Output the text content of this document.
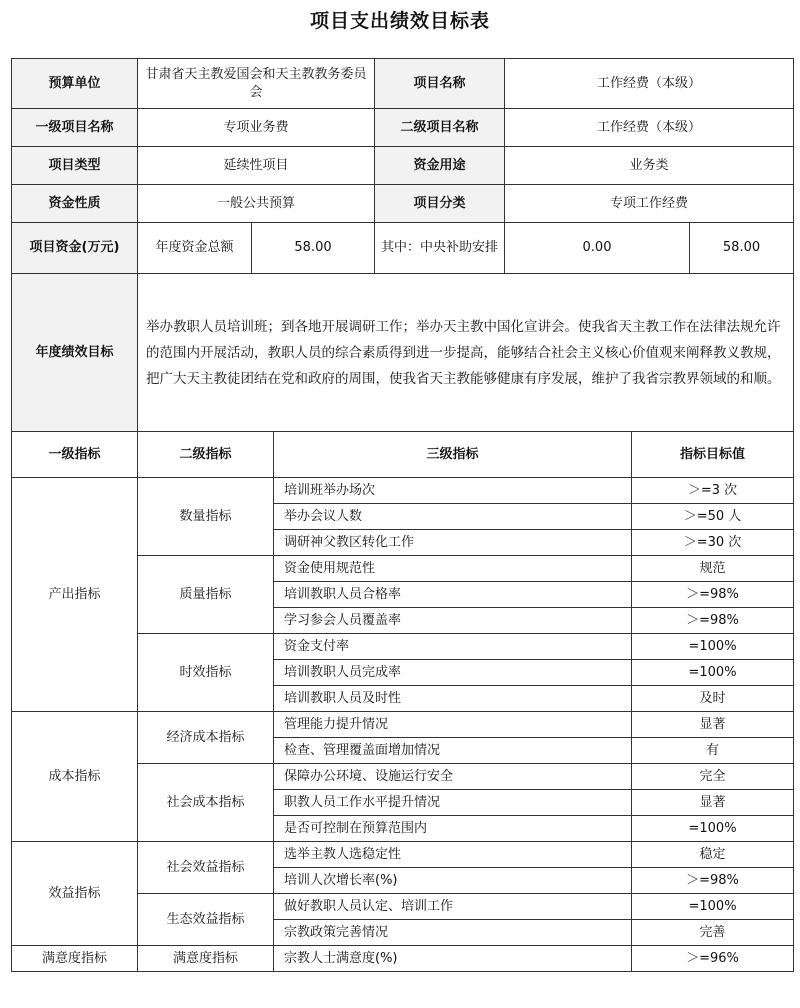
项目支出绩效目标表
预算单位	甘肃省天主教爱国会和天主教教务委员会			项目名称	工作经费（本级）		
一级项目名称	专项业务费			二级项目名称	工作经费（本级）		
项目类型	延续性项目			资金用途	业务类		
资金性质	一般公共预算			项目分类	专项工作经费		
项目资金(万元)	年度资金总额	58.00		其中：中央补助安排	0.00		58.00
年度绩效目标	举办教职人员培训班；到各地开展调研工作；举办天主教中国化宣讲会。使我省天主教工作在法律法规允许的范围内开展活动，教职人员的综合素质得到进一步提高，能够结合社会主义核心价值观来阐释教义教规，把广大天主教徒团结在党和政府的周围，使我省天主教能够健康有序发展，维护了我省宗教界领域的和顺。						
一级指标	二级指标		三级指标			指标目标值	
产出指标	数量指标		培训班举办场次			＞=3 次	
			举办会议人数			＞=50 人	
			调研神父教区转化工作			＞=30 次	
	质量指标		资金使用规范性			规范	
			培训教职人员合格率			＞=98%	
			学习参会人员覆盖率			＞=98%	
	时效指标		资金支付率			=100%	
			培训教职人员完成率			=100%	
			培训教职人员及时性			及时	
成本指标	经济成本指标		管理能力提升情况			显著	
			检查、管理覆盖面增加情况			有	
	社会成本指标		保障办公环境、设施运行安全			完全	
			职教人员工作水平提升情况			显著	
			是否可控制在预算范围内			=100%	
效益指标	社会效益指标		选举主教人选稳定性			稳定	
			培训人次增长率(%)			＞=98%	
	生态效益指标		做好教职人员认定、培训工作			=100%	
			宗教政策完善情况			完善	
满意度指标	满意度指标		宗教人士满意度(%)			＞=96%	
